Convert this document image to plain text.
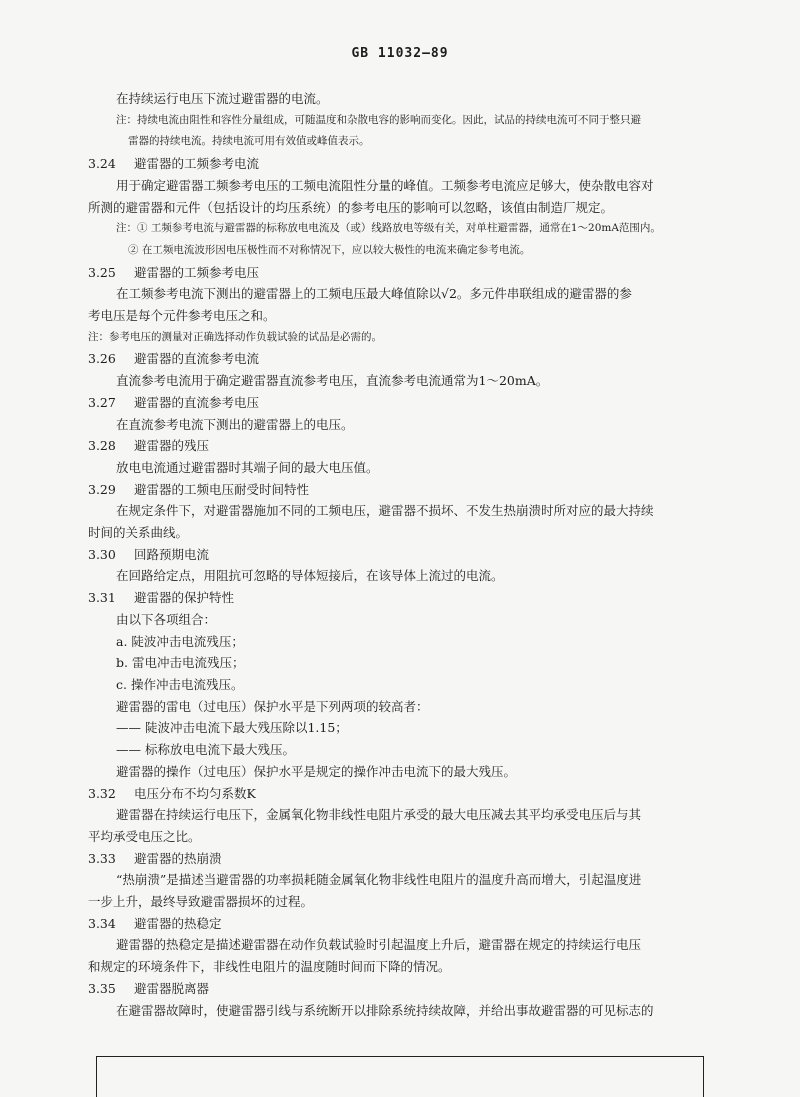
GB 11032—89
在持续运行电压下流过避雷器的电流。
注：持续电流由阻性和容性分量组成，可随温度和杂散电容的影响而变化。因此，试品的持续电流可不同于整只避
雷器的持续电流。持续电流可用有效值或峰值表示。
3.24 避雷器的工频参考电流
用于确定避雷器工频参考电压的工频电流阻性分量的峰值。工频参考电流应足够大，使杂散电容对
所测的避雷器和元件（包括设计的均压系统）的参考电压的影响可以忽略，该值由制造厂规定。
注：① 工频参考电流与避雷器的标称放电电流及（或）线路放电等级有关，对单柱避雷器，通常在1～20mA范围内。
② 在工频电流波形因电压极性而不对称情况下，应以较大极性的电流来确定参考电流。
3.25 避雷器的工频参考电压
在工频参考电流下测出的避雷器上的工频电压最大峰值除以√2。多元件串联组成的避雷器的参
考电压是每个元件参考电压之和。
注：参考电压的测量对正确选择动作负载试验的试品是必需的。
3.26 避雷器的直流参考电流
直流参考电流用于确定避雷器直流参考电压，直流参考电流通常为1～20mA。
3.27 避雷器的直流参考电压
在直流参考电流下测出的避雷器上的电压。
3.28 避雷器的残压
放电电流通过避雷器时其端子间的最大电压值。
3.29 避雷器的工频电压耐受时间特性
在规定条件下，对避雷器施加不同的工频电压，避雷器不损坏、不发生热崩溃时所对应的最大持续
时间的关系曲线。
3.30 回路预期电流
在回路给定点，用阻抗可忽略的导体短接后，在该导体上流过的电流。
3.31 避雷器的保护特性
由以下各项组合：
a. 陡波冲击电流残压；
b. 雷电冲击电流残压；
c. 操作冲击电流残压。
避雷器的雷电（过电压）保护水平是下列两项的较高者：
—— 陡波冲击电流下最大残压除以1.15；
—— 标称放电电流下最大残压。
避雷器的操作（过电压）保护水平是规定的操作冲击电流下的最大残压。
3.32 电压分布不均匀系数K
避雷器在持续运行电压下，金属氧化物非线性电阻片承受的最大电压减去其平均承受电压后与其
平均承受电压之比。
3.33 避雷器的热崩溃
“热崩溃”是描述当避雷器的功率损耗随金属氧化物非线性电阻片的温度升高而增大，引起温度进
一步上升，最终导致避雷器损坏的过程。
3.34 避雷器的热稳定
避雷器的热稳定是描述避雷器在动作负载试验时引起温度上升后，避雷器在规定的持续运行电压
和规定的环境条件下，非线性电阻片的温度随时间而下降的情况。
3.35 避雷器脱离器
在避雷器故障时，使避雷器引线与系统断开以排除系统持续故障，并给出事故避雷器的可见标志的
